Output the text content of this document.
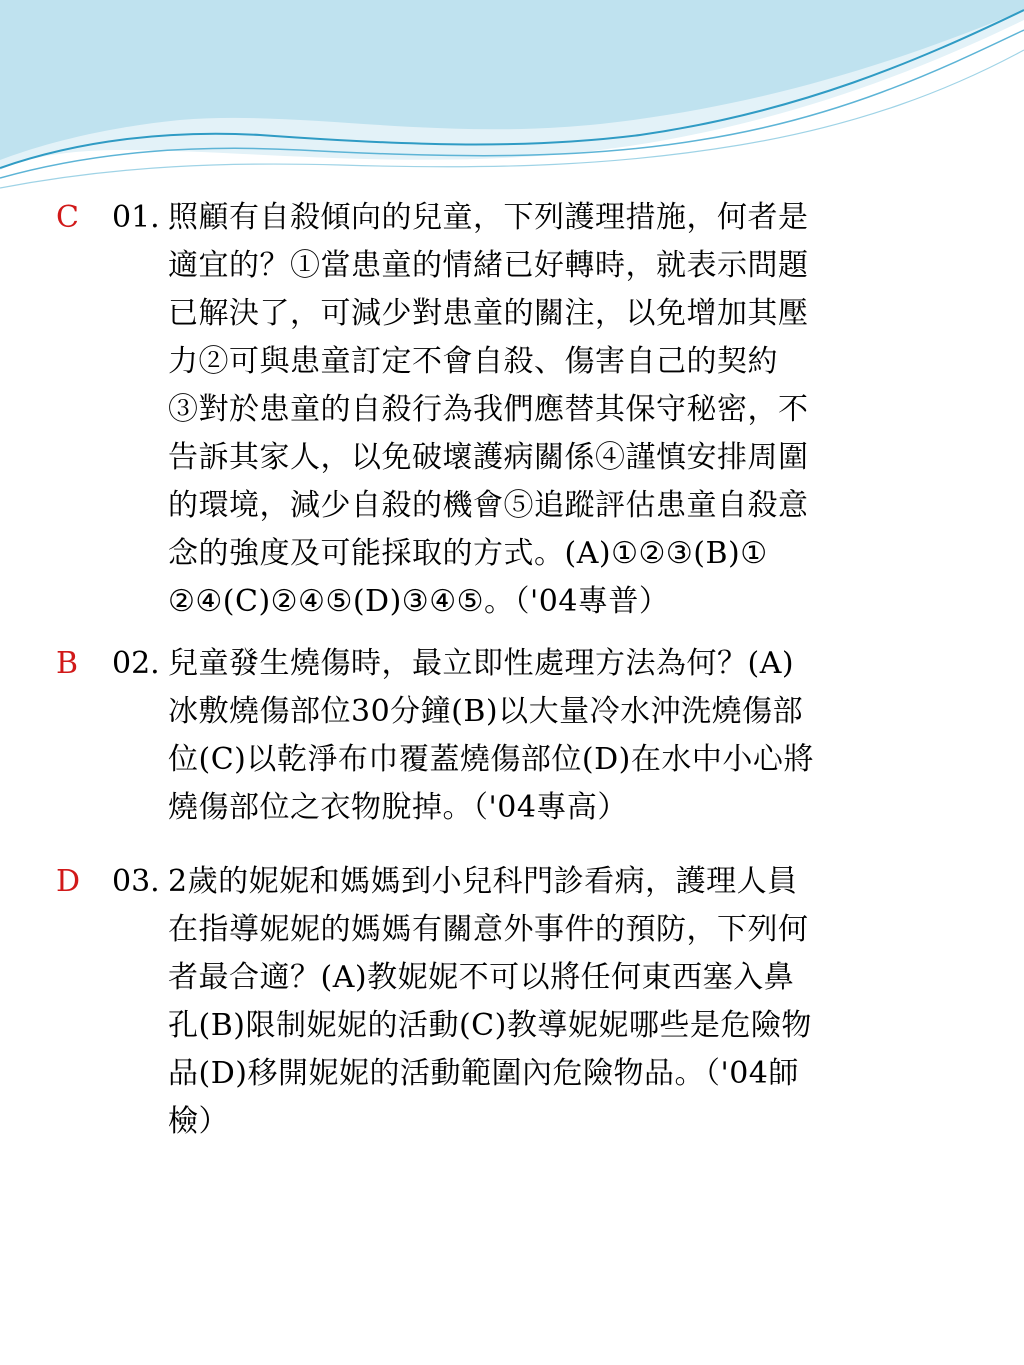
C 01. 照顧有自殺傾向的兒童，下列護理措施，何者是
適宜的？①當患童的情緒已好轉時，就表示問題
已解決了，可減少對患童的關注，以免增加其壓
力②可與患童訂定不會自殺、傷害自己的契約
③對於患童的自殺行為我們應替其保守秘密，不
告訴其家人，以免破壞護病關係④謹慎安排周圍
的環境，減少自殺的機會⑤追蹤評估患童自殺意
念的強度及可能採取的方式。(A)①②③(B)①
②④(C)②④⑤(D)③④⑤。（'04專普）
B 02. 兒童發生燒傷時，最立即性處理方法為何？(A)
冰敷燒傷部位30分鐘(B)以大量冷水沖洗燒傷部
位(C)以乾淨布巾覆蓋燒傷部位(D)在水中小心將
燒傷部位之衣物脫掉。（'04專高）
D 03. 2歲的妮妮和媽媽到小兒科門診看病，護理人員
在指導妮妮的媽媽有關意外事件的預防，下列何
者最合適？(A)教妮妮不可以將任何東西塞入鼻
孔(B)限制妮妮的活動(C)教導妮妮哪些是危險物
品(D)移開妮妮的活動範圍內危險物品。（'04師
檢）
